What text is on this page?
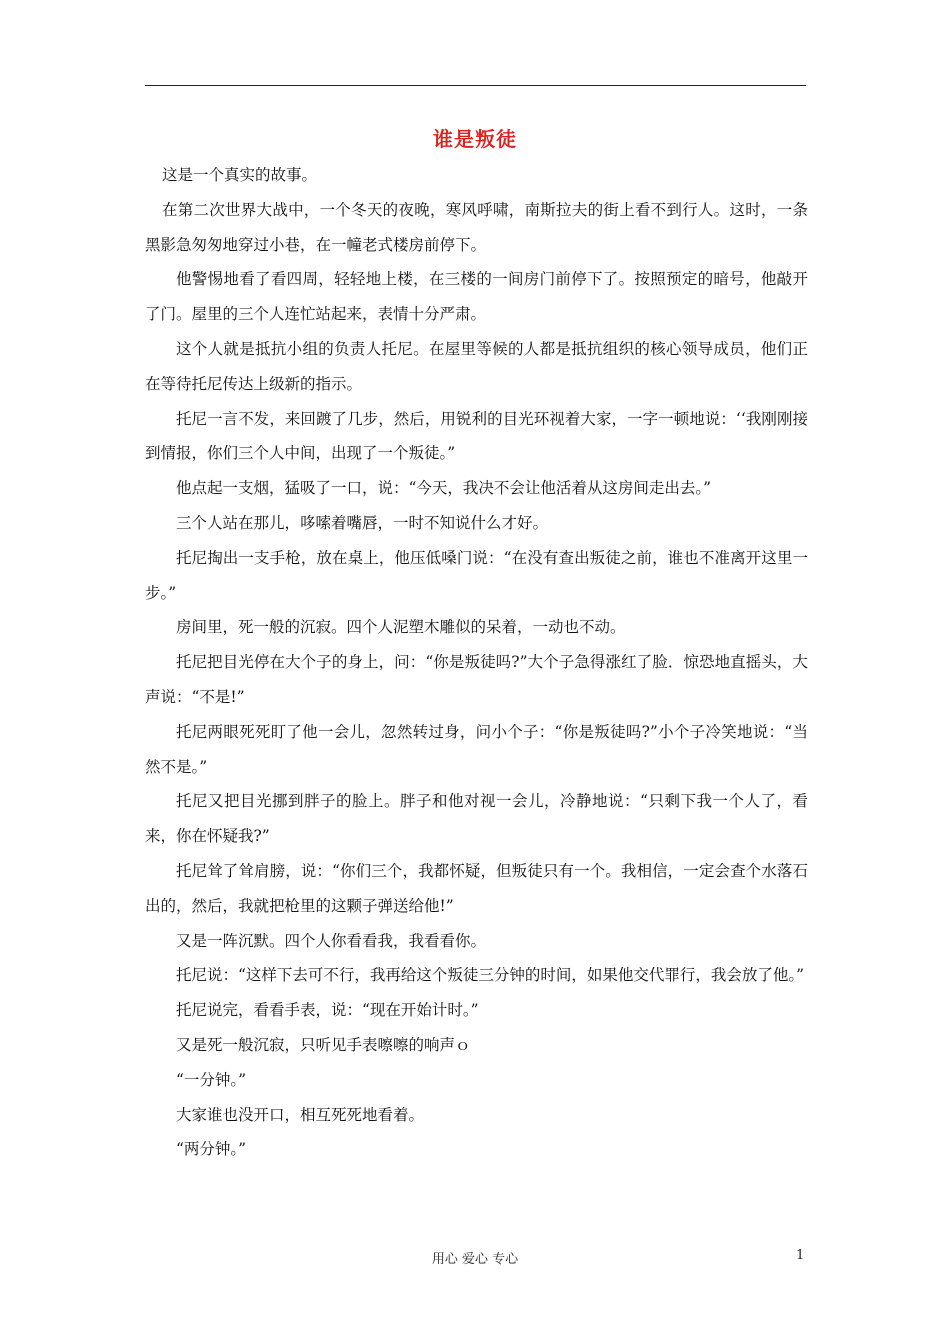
谁是叛徒

这是一个真实的故事。

在第二次世界大战中，一个冬天的夜晚，寒风呼啸，南斯拉夫的街上看不到行人。这时，一条黑影急匆匆地穿过小巷，在一幢老式楼房前停下。

他警惕地看了看四周，轻轻地上楼，在三楼的一间房门前停下了。按照预定的暗号，他敲开了门。屋里的三个人连忙站起来，表情十分严肃。

这个人就是抵抗小组的负责人托尼。在屋里等候的人都是抵抗组织的核心领导成员，他们正在等待托尼传达上级新的指示。

托尼一言不发，来回踱了几步，然后，用锐利的目光环视着大家，一字一顿地说：‘‘我刚刚接到情报，你们三个人中间，出现了一个叛徒。”

他点起一支烟，猛吸了一口，说：“今天，我决不会让他活着从这房间走出去。”

三个人站在那儿，哆嗦着嘴唇，一时不知说什么才好。

托尼掏出一支手枪，放在桌上，他压低嗓门说：“在没有查出叛徒之前，谁也不准离开这里一步。”

房间里，死一般的沉寂。四个人泥塑木雕似的呆着，一动也不动。

托尼把目光停在大个子的身上，问：“你是叛徒吗?”大个子急得涨红了脸．惊恐地直摇头，大声说：“不是!”

托尼两眼死死盯了他一会儿，忽然转过身，问小个子：“你是叛徒吗?”小个子冷笑地说：“当然不是。”

托尼又把目光挪到胖子的脸上。胖子和他对视一会儿，冷静地说：“只剩下我一个人了，看来，你在怀疑我?”

托尼耸了耸肩膀，说：“你们三个，我都怀疑，但叛徒只有一个。我相信，一定会查个水落石出的，然后，我就把枪里的这颗子弹送给他!”

又是一阵沉默。四个人你看看我，我看看你。

托尼说：“这样下去可不行，我再给这个叛徒三分钟的时间，如果他交代罪行，我会放了他。”

托尼说完，看看手表，说：“现在开始计时。”

又是死一般沉寂，只听见手表嚓嚓的响声ｏ

“一分钟。”

大家谁也没开口，相互死死地看着。

“两分钟。”

用心 爱心 专心	1
